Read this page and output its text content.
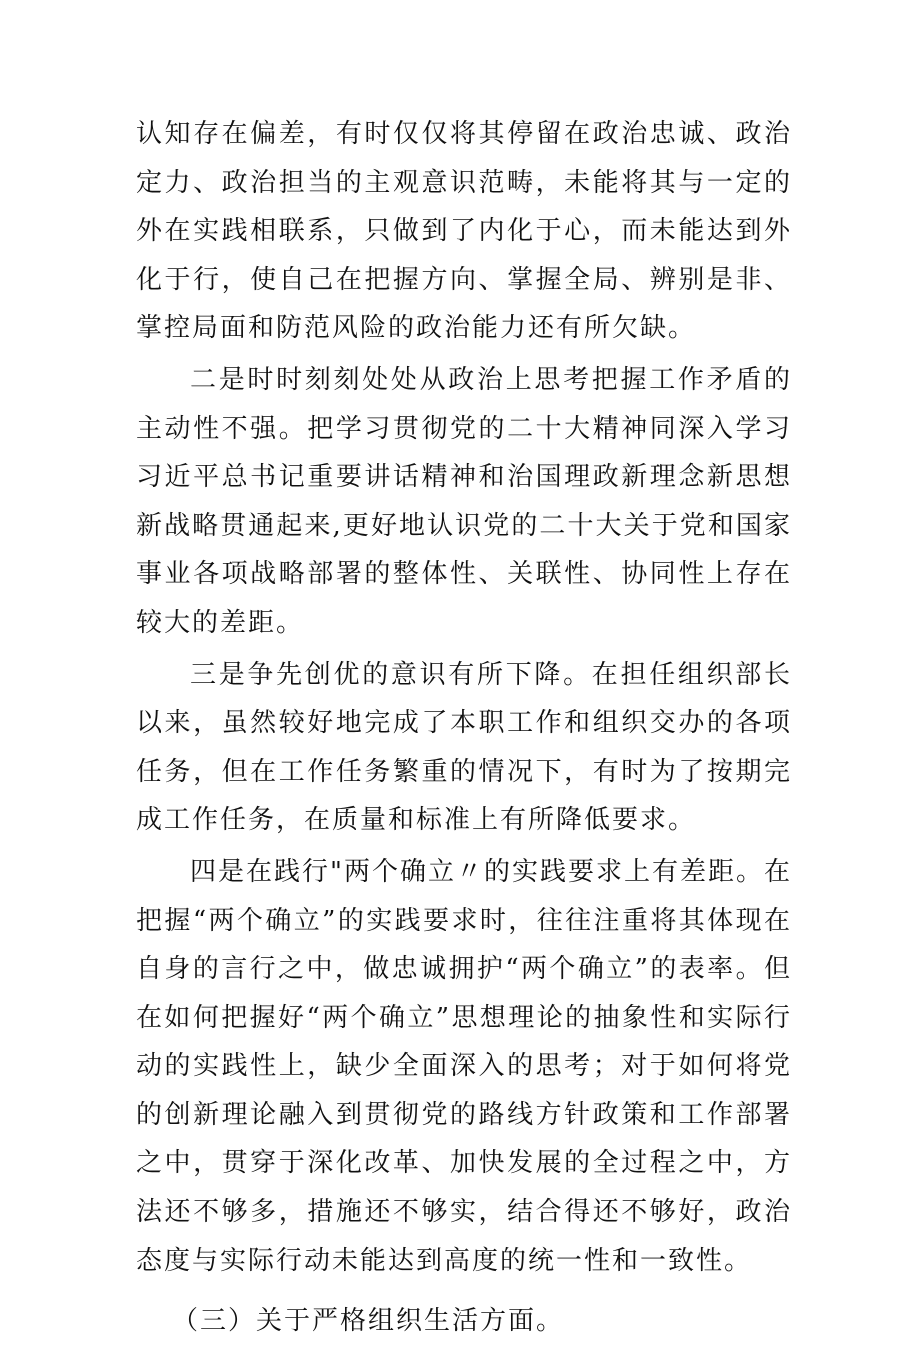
认知存在偏差，有时仅仅将其停留在政治忠诚、政治定力、政治担当的主观意识范畴，未能将其与一定的外在实践相联系，只做到了内化于心，而未能达到外化于行，使自己在把握方向、掌握全局、辨别是非、掌控局面和防范风险的政治能力还有所欠缺。

二是时时刻刻处处从政治上思考把握工作矛盾的主动性不强。把学习贯彻党的二十大精神同深入学习习近平总书记重要讲话精神和治国理政新理念新思想新战略贯通起来,更好地认识党的二十大关于党和国家事业各项战略部署的整体性、关联性、协同性上存在较大的差距。

三是争先创优的意识有所下降。在担任组织部长以来，虽然较好地完成了本职工作和组织交办的各项任务，但在工作任务繁重的情况下，有时为了按期完成工作任务，在质量和标准上有所降低要求。

四是在践行"两个确立〃的实践要求上有差距。在把握“两个确立”的实践要求时，往往注重将其体现在自身的言行之中，做忠诚拥护“两个确立”的表率。但在如何把握好“两个确立”思想理论的抽象性和实际行动的实践性上，缺少全面深入的思考；对于如何将党的创新理论融入到贯彻党的路线方针政策和工作部署之中，贯穿于深化改革、加快发展的全过程之中，方法还不够多，措施还不够实，结合得还不够好，政治态度与实际行动未能达到高度的统一性和一致性。

（三）关于严格组织生活方面。
